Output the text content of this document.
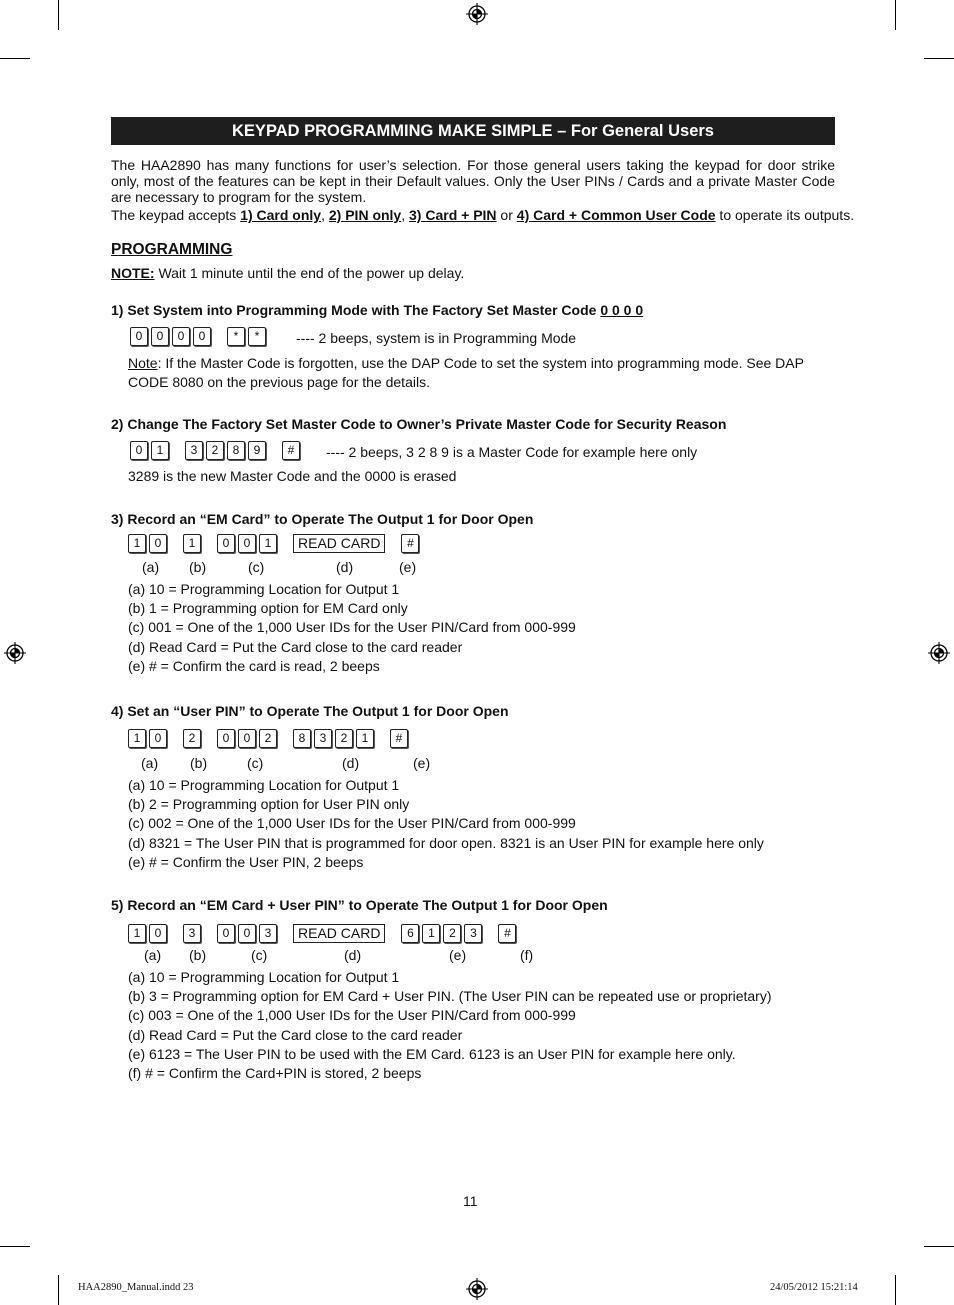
KEYPAD PROGRAMMING MAKE SIMPLE – For General Users
The HAA2890 has many functions for user’s selection. For those general users taking the keypad for door strike only, most of the features can be kept in their Default values. Only the User PINs / Cards and a private Master Code are necessary to program for the system.
The keypad accepts 1) Card only, 2) PIN only, 3) Card + PIN or 4) Card + Common User Code to operate its outputs.
PROGRAMMING
NOTE: Wait 1 minute until the end of the power up delay.
1) Set System into Programming Mode with The Factory Set Master Code 0 0 0 0
0	0	0	0	*	*	---- 2 beeps, system is in Programming Mode
Note: If the Master Code is forgotten, use the DAP Code to set the system into programming mode. See DAP CODE 8080 on the previous page for the details.
2) Change The Factory Set Master Code to Owner’s Private Master Code for Security Reason
0	1	3	2	8	9	#	---- 2 beeps, 3 2 8 9 is a Master Code for example here only
3289 is the new Master Code and the 0000 is erased
3) Record an “EM Card” to Operate The Output 1 for Door Open
1	0	1	0	0	1	READ CARD	#
(a) (b)	(c)	(d)	(e)
(a) 10 = Programming Location for Output 1
(b) 1 = Programming option for EM Card only
(c) 001 = One of the 1,000 User IDs for the User PIN/Card from 000-999
(d) Read Card = Put the Card close to the card reader
(e) # = Confirm the card is read, 2 beeps
4) Set an “User PIN” to Operate The Output 1 for Door Open
1	0	2	0	0	2	8	3	2	1	#
(a) (b)	(c)	(d)	(e)
(a) 10 = Programming Location for Output 1
(b) 2 = Programming option for User PIN only
(c) 002 = One of the 1,000 User IDs for the User PIN/Card from 000-999
(d) 8321 = The User PIN that is programmed for door open. 8321 is an User PIN for example here only
(e) # = Confirm the User PIN, 2 beeps
5) Record an “EM Card + User PIN” to Operate The Output 1 for Door Open
1	0	3	0	0	3	READ CARD	6	1	2	3	#
(a) (b)	(c)	(d)	(e)	(f)
(a) 10 = Programming Location for Output 1
(b) 3 = Programming option for EM Card + User PIN. (The User PIN can be repeated use or proprietary)
(c) 003 = One of the 1,000 User IDs for the User PIN/Card from 000-999
(d) Read Card = Put the Card close to the card reader
(e) 6123 = The User PIN to be used with the EM Card. 6123 is an User PIN for example here only.
(f) # = Confirm the Card+PIN is stored, 2 beeps
11
HAA2890_Manual.indd 23	24/05/2012 15:21:14
